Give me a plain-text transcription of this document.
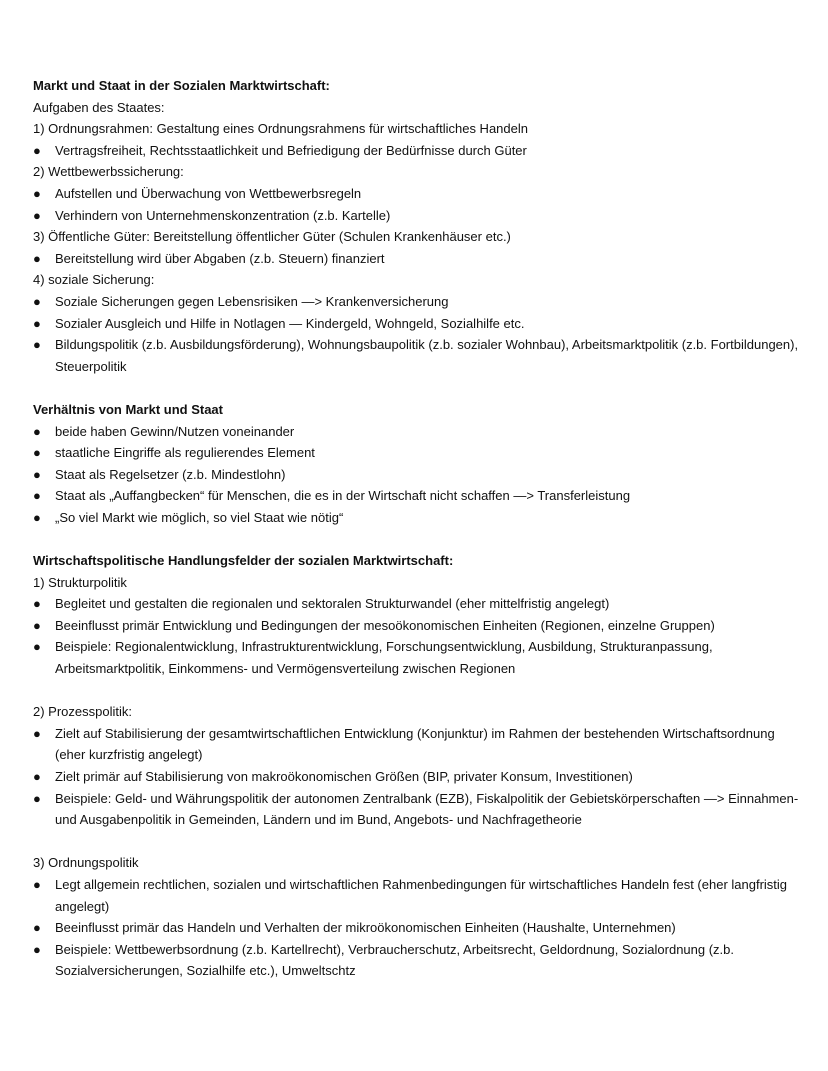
Markt und Staat in der Sozialen Marktwirtschaft:

Aufgaben des Staates:

1) Ordnungsrahmen: Gestaltung eines Ordnungsrahmens für wirtschaftliches Handeln

●	Vertragsfreiheit, Rechtsstaatlichkeit und Befriedigung der Bedürfnisse durch Güter

2) Wettbewerbssicherung:

●	Aufstellen und Überwachung von Wettbewerbsregeln

●	Verhindern von Unternehmenskonzentration (z.b. Kartelle)

3) Öffentliche Güter: Bereitstellung öffentlicher Güter (Schulen Krankenhäuser etc.)

●	Bereitstellung wird über Abgaben (z.b. Steuern) finanziert

4) soziale Sicherung:

●	Soziale Sicherungen gegen Lebensrisiken —> Krankenversicherung

●	Sozialer Ausgleich und Hilfe in Notlagen — Kindergeld, Wohngeld, Sozialhilfe etc.

●	Bildungspolitik (z.b. Ausbildungsförderung), Wohnungsbaupolitik (z.b. sozialer Wohnbau), Arbeitsmarktpolitik (z.b. Fortbildungen), Steuerpolitik

Verhältnis von Markt und Staat

●	beide haben Gewinn/Nutzen voneinander

●	staatliche Eingriffe als regulierendes Element

●	Staat als Regelsetzer (z.b. Mindestlohn)

●	Staat als „Auffangbecken“ für Menschen, die es in der Wirtschaft nicht schaffen —> Transferleistung

●	„So viel Markt wie möglich, so viel Staat wie nötig“

Wirtschaftspolitische Handlungsfelder der sozialen Marktwirtschaft:

1) Strukturpolitik

●	Begleitet und gestalten die regionalen und sektoralen Strukturwandel (eher mittelfristig angelegt)

●	Beeinflusst primär Entwicklung und Bedingungen der mesoökonomischen Einheiten (Regionen, einzelne Gruppen)

●	Beispiele: Regionalentwicklung, Infrastrukturentwicklung, Forschungsentwicklung, Ausbildung, Strukturanpassung, Arbeitsmarktpolitik, Einkommens- und Vermögensverteilung zwischen Regionen

2) Prozesspolitik:

●	Zielt auf Stabilisierung der gesamtwirtschaftlichen Entwicklung (Konjunktur) im Rahmen der bestehenden Wirtschaftsordnung (eher kurzfristig angelegt)

●	Zielt primär auf Stabilisierung von makroökonomischen Größen (BIP, privater Konsum, Investitionen)

●	Beispiele: Geld- und Währungspolitik der autonomen Zentralbank (EZB), Fiskalpolitik der Gebietskörperschaften —> Einnahmen- und Ausgabenpolitik in Gemeinden, Ländern und im Bund, Angebots- und Nachfragetheorie

3) Ordnungspolitik

●	Legt allgemein rechtlichen, sozialen und wirtschaftlichen Rahmenbedingungen für wirtschaftliches Handeln fest (eher langfristig angelegt)

●	Beeinflusst primär das Handeln und Verhalten der mikroökonomischen Einheiten (Haushalte, Unternehmen)

●	Beispiele: Wettbewerbsordnung (z.b. Kartellrecht), Verbraucherschutz, Arbeitsrecht, Geldordnung, Sozialordnung (z.b. Sozialversicherungen, Sozialhilfe etc.), Umweltschtz
